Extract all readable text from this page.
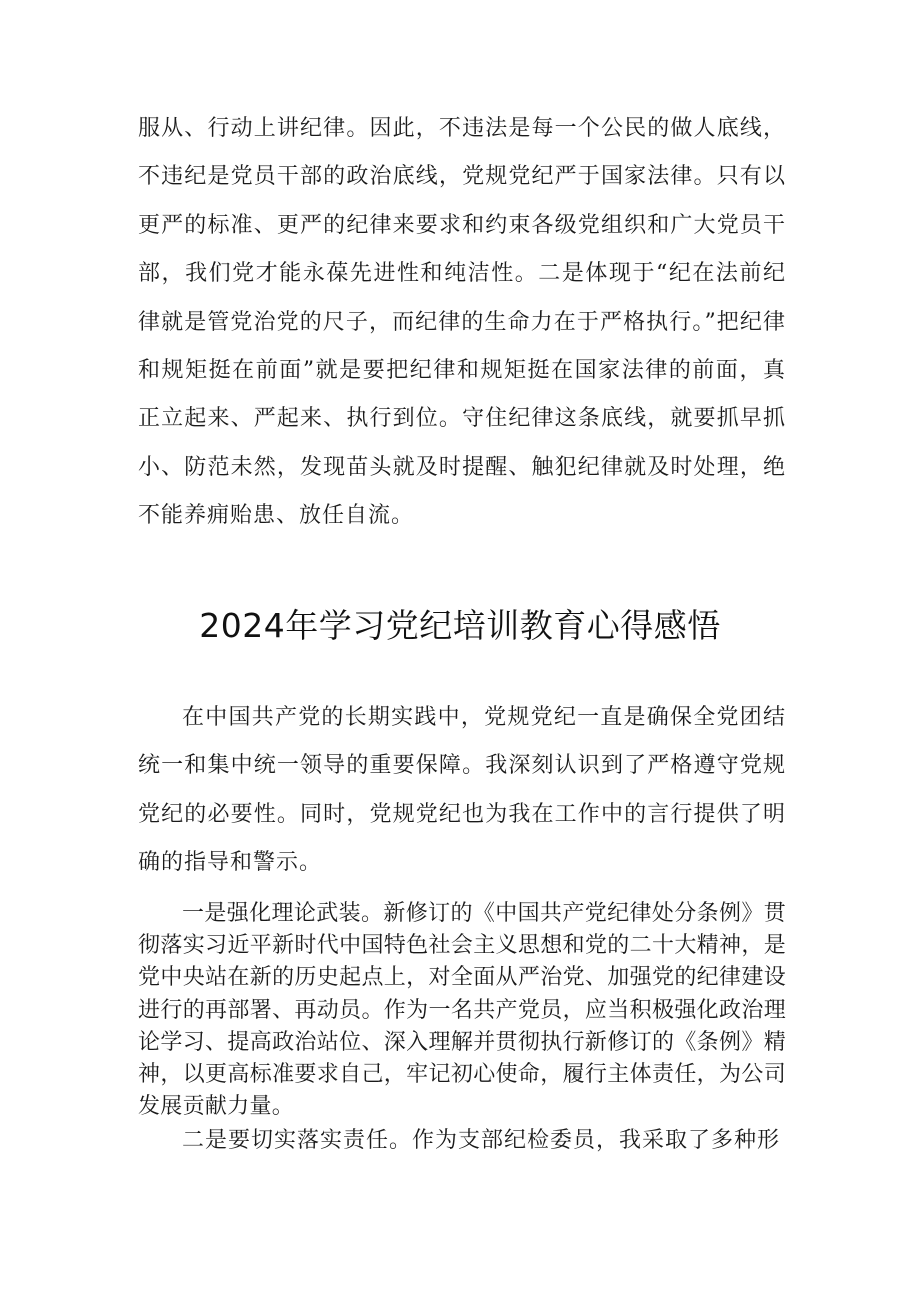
服从、行动上讲纪律。因此，不违法是每一个公民的做人底线，不违纪是党员干部的政治底线，党规党纪严于国家法律。只有以更严的标准、更严的纪律来要求和约束各级党组织和广大党员干部，我们党才能永葆先进性和纯洁性。二是体现于“纪在法前纪律就是管党治党的尺子，而纪律的生命力在于严格执行。”把纪律和规矩挺在前面”就是要把纪律和规矩挺在国家法律的前面，真正立起来、严起来、执行到位。守住纪律这条底线，就要抓早抓小、防范未然，发现苗头就及时提醒、触犯纪律就及时处理，绝不能养痈贻患、放任自流。

2024年学习党纪培训教育心得感悟

在中国共产党的长期实践中，党规党纪一直是确保全党团结统一和集中统一领导的重要保障。我深刻认识到了严格遵守党规党纪的必要性。同时，党规党纪也为我在工作中的言行提供了明确的指导和警示。

一是强化理论武装。新修订的《中国共产党纪律处分条例》贯彻落实习近平新时代中国特色社会主义思想和党的二十大精神，是党中央站在新的历史起点上，对全面从严治党、加强党的纪律建设进行的再部署、再动员。作为一名共产党员，应当积极强化政治理论学习、提高政治站位、深入理解并贯彻执行新修订的《条例》精神，以更高标准要求自己，牢记初心使命，履行主体责任，为公司发展贡献力量。

二是要切实落实责任。作为支部纪检委员，我采取了多种形
